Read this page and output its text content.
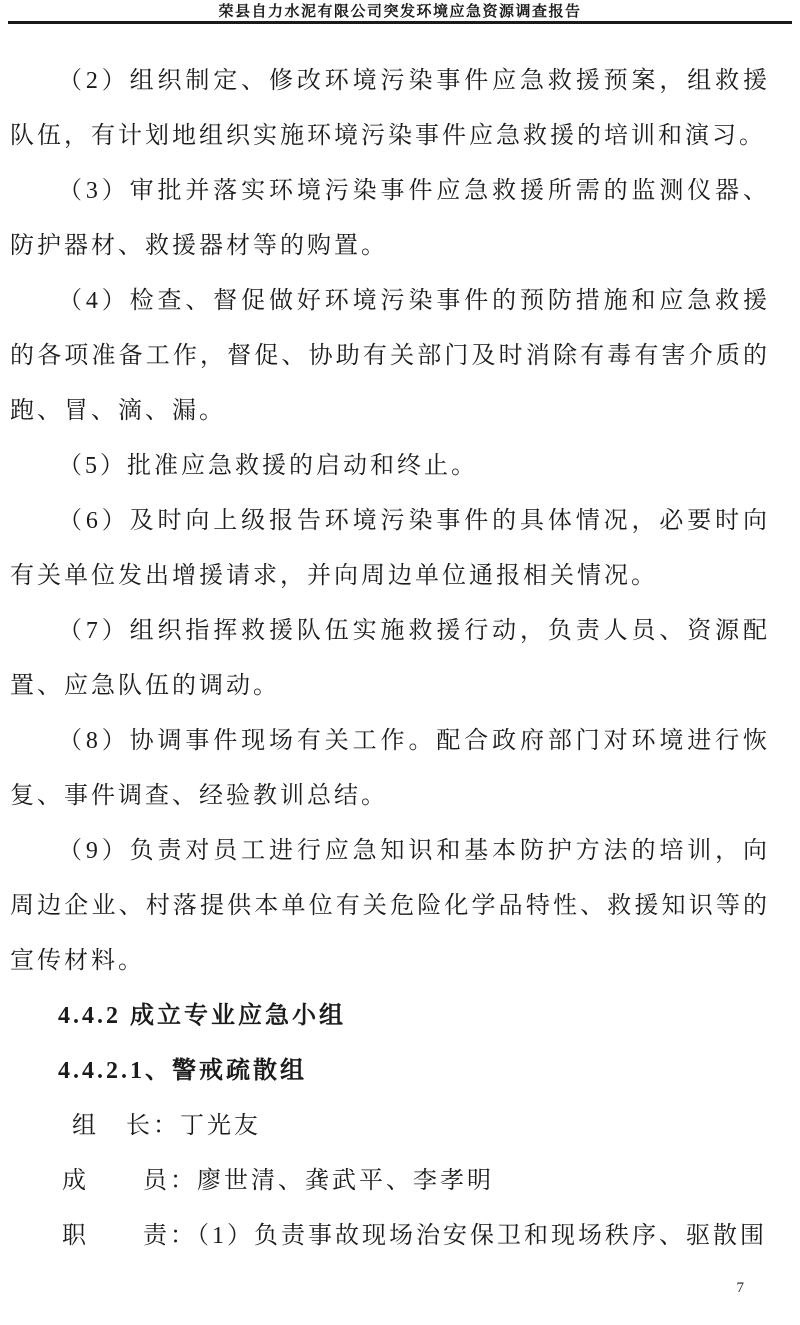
荣县自力水泥有限公司突发环境应急资源调查报告

（2）组织制定、修改环境污染事件应急救援预案，组救援队伍，有计划地组织实施环境污染事件应急救援的培训和演习。

（3）审批并落实环境污染事件应急救援所需的监测仪器、防护器材、救援器材等的购置。

（4）检查、督促做好环境污染事件的预防措施和应急救援的各项准备工作，督促、协助有关部门及时消除有毒有害介质的跑、冒、滴、漏。

（5）批准应急救援的启动和终止。

（6）及时向上级报告环境污染事件的具体情况，必要时向有关单位发出增援请求，并向周边单位通报相关情况。

（7）组织指挥救援队伍实施救援行动，负责人员、资源配置、应急队伍的调动。

（8）协调事件现场有关工作。配合政府部门对环境进行恢复、事件调查、经验教训总结。

（9）负责对员工进行应急知识和基本防护方法的培训，向周边企业、村落提供本单位有关危险化学品特性、救援知识等的宣传材料。

4.4.2 成立专业应急小组

4.4.2.1、警戒疏散组

组　长：丁光友

成　　员：廖世清、龚武平、李孝明

职　　责：（1）负责事故现场治安保卫和现场秩序、驱散围

7
